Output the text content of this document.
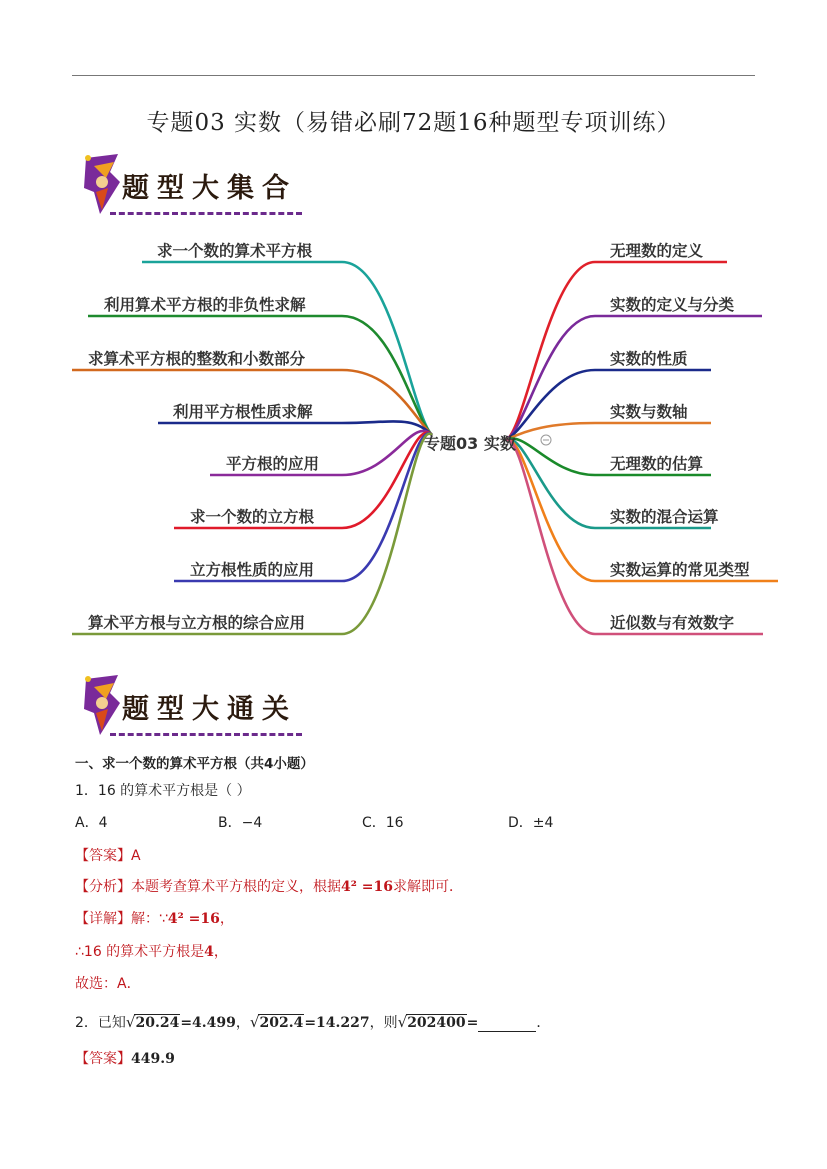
专题03 实数（易错必刷72题16种题型专项训练）
题型大集合
专题03 实数
求一个数的算术平方根
利用算术平方根的非负性求解
求算术平方根的整数和小数部分
利用平方根性质求解
平方根的应用
求一个数的立方根
立方根性质的应用
算术平方根与立方根的综合应用
无理数的定义
实数的定义与分类
实数的性质
实数与数轴
无理数的估算
实数的混合运算
实数运算的常见类型
近似数与有效数字
题型大通关
一、求一个数的算术平方根（共4小题）
1．16 的算术平方根是（ ）
A．4	B．−4	C．16	D．±4
【答案】A
【分析】本题考查算术平方根的定义，根据4² =16求解即可．
【详解】解：∵4² =16，
∴16 的算术平方根是4，
故选：A．
2．已知√20.24=4.499，√202.4=14.227，则√202400=	．
【答案】449.9
